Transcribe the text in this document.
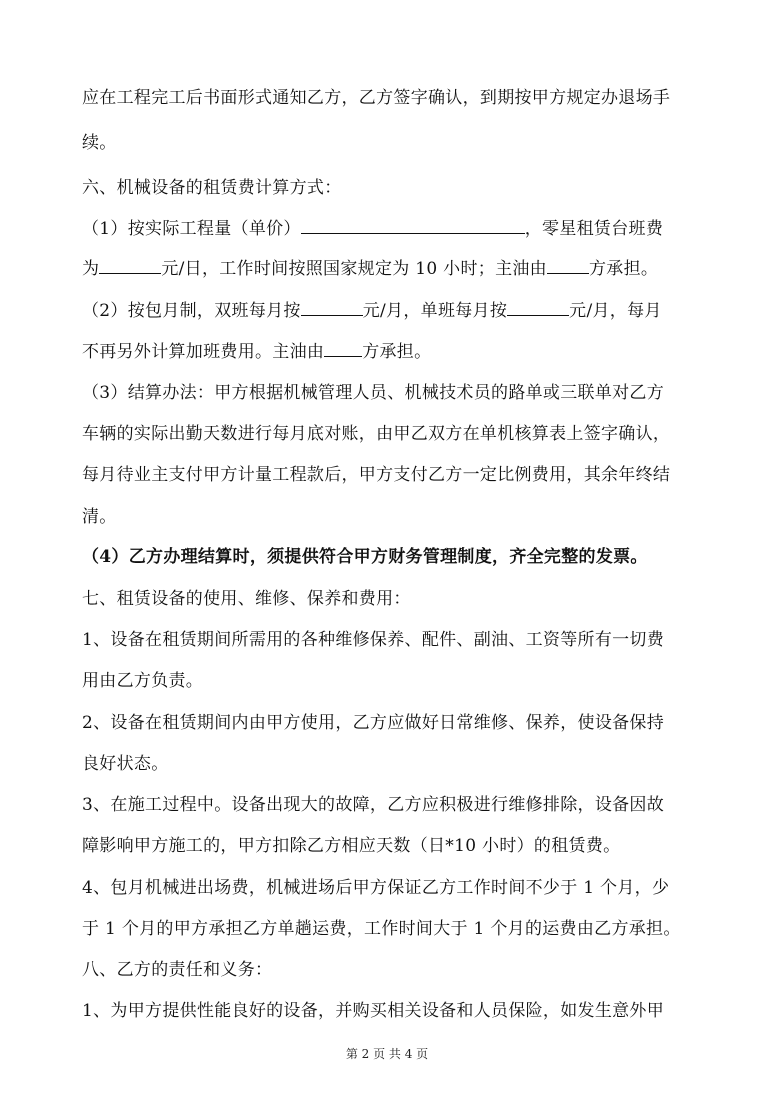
应在工程完工后书面形式通知乙方，乙方签字确认，到期按甲方规定办退场手
续。
六、机械设备的租赁费计算方式：
（1）按实际工程量（单价）	，零星租赁台班费
为	元/日，工作时间按照国家规定为 10 小时；主油由 方承担。
（2）按包月制，双班每月按	元/月，单班每月按	元/月，每月
不再另外计算加班费用。主油由 方承担。
（3）结算办法：甲方根据机械管理人员、机械技术员的路单或三联单对乙方
车辆的实际出勤天数进行每月底对账，由甲乙双方在单机核算表上签字确认，
每月待业主支付甲方计量工程款后，甲方支付乙方一定比例费用，其余年终结
清。
（4）乙方办理结算时，须提供符合甲方财务管理制度，齐全完整的发票。
七、租赁设备的使用、维修、保养和费用：
1、设备在租赁期间所需用的各种维修保养、配件、副油、工资等所有一切费
用由乙方负责。
2、设备在租赁期间内由甲方使用，乙方应做好日常维修、保养，使设备保持
良好状态。
3、在施工过程中。设备出现大的故障，乙方应积极进行维修排除，设备因故
障影响甲方施工的，甲方扣除乙方相应天数（日*10 小时）的租赁费。
4、包月机械进出场费，机械进场后甲方保证乙方工作时间不少于 1 个月，少
于 1 个月的甲方承担乙方单趟运费，工作时间大于 1 个月的运费由乙方承担。
八、乙方的责任和义务：
1、为甲方提供性能良好的设备，并购买相关设备和人员保险，如发生意外甲
第 2 页 共 4 页
